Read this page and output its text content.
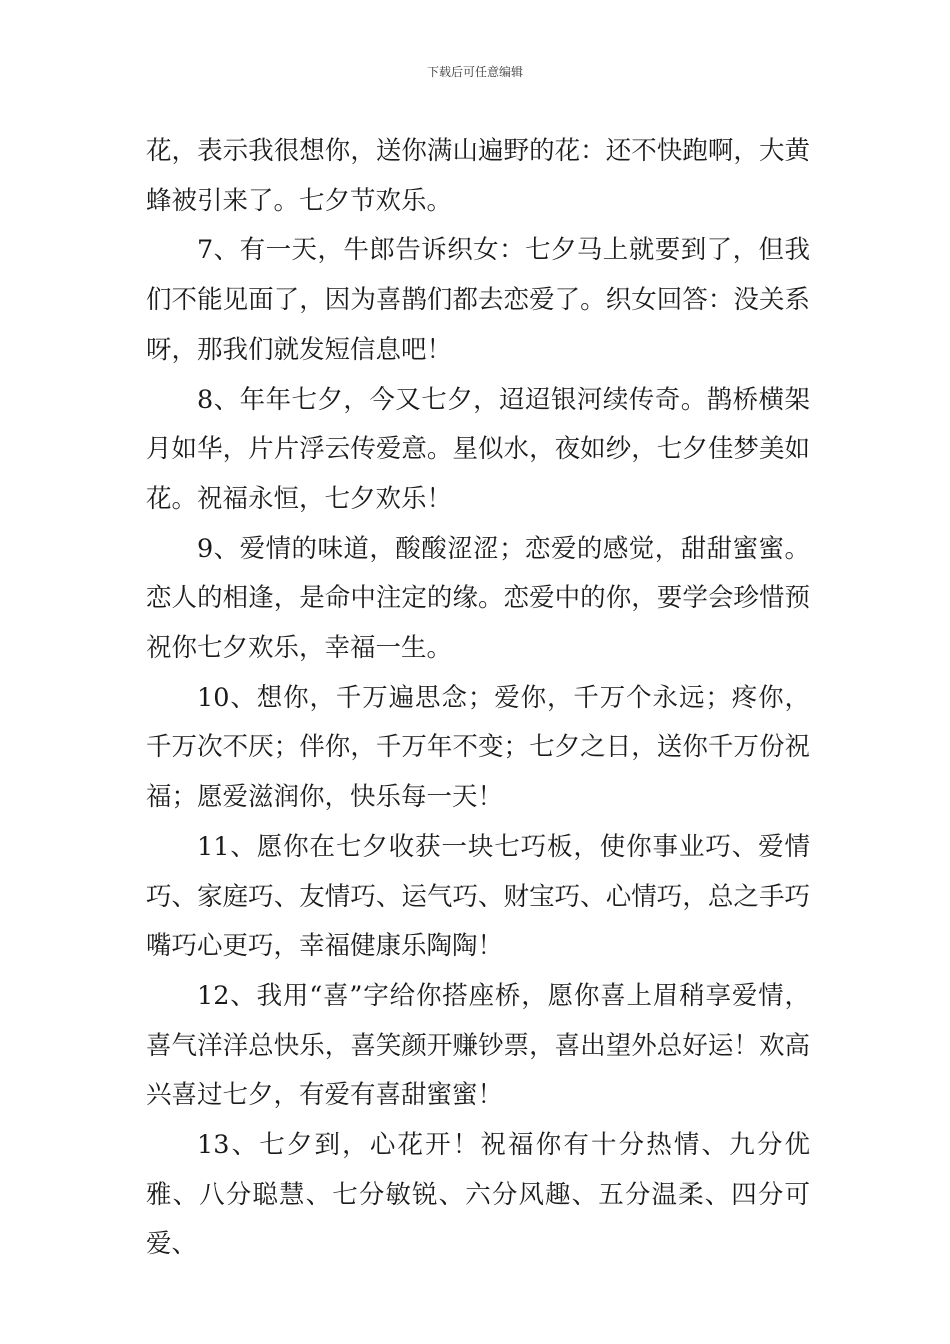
下载后可任意编辑

花，表示我很想你，送你满山遍野的花：还不快跑啊，大黄蜂被引来了。七夕节欢乐。

7、有一天，牛郎告诉织女：七夕马上就要到了，但我们不能见面了，因为喜鹊们都去恋爱了。织女回答：没关系呀，那我们就发短信息吧！

8、年年七夕，今又七夕，迢迢银河续传奇。鹊桥横架月如华，片片浮云传爱意。星似水，夜如纱，七夕佳梦美如花。祝福永恒，七夕欢乐！

9、爱情的味道，酸酸涩涩；恋爱的感觉，甜甜蜜蜜。恋人的相逢，是命中注定的缘。恋爱中的你，要学会珍惜预祝你七夕欢乐，幸福一生。

10、想你，千万遍思念；爱你，千万个永远；疼你，千万次不厌；伴你，千万年不变；七夕之日，送你千万份祝福；愿爱滋润你，快乐每一天！

11、愿你在七夕收获一块七巧板，使你事业巧、爱情巧、家庭巧、友情巧、运气巧、财宝巧、心情巧，总之手巧嘴巧心更巧，幸福健康乐陶陶！

12、我用“喜”字给你搭座桥，愿你喜上眉稍享爱情，喜气洋洋总快乐，喜笑颜开赚钞票，喜出望外总好运！欢高兴喜过七夕，有爱有喜甜蜜蜜！

13、七夕到，心花开！祝福你有十分热情、九分优雅、八分聪慧、七分敏锐、六分风趣、五分温柔、四分可爱、
